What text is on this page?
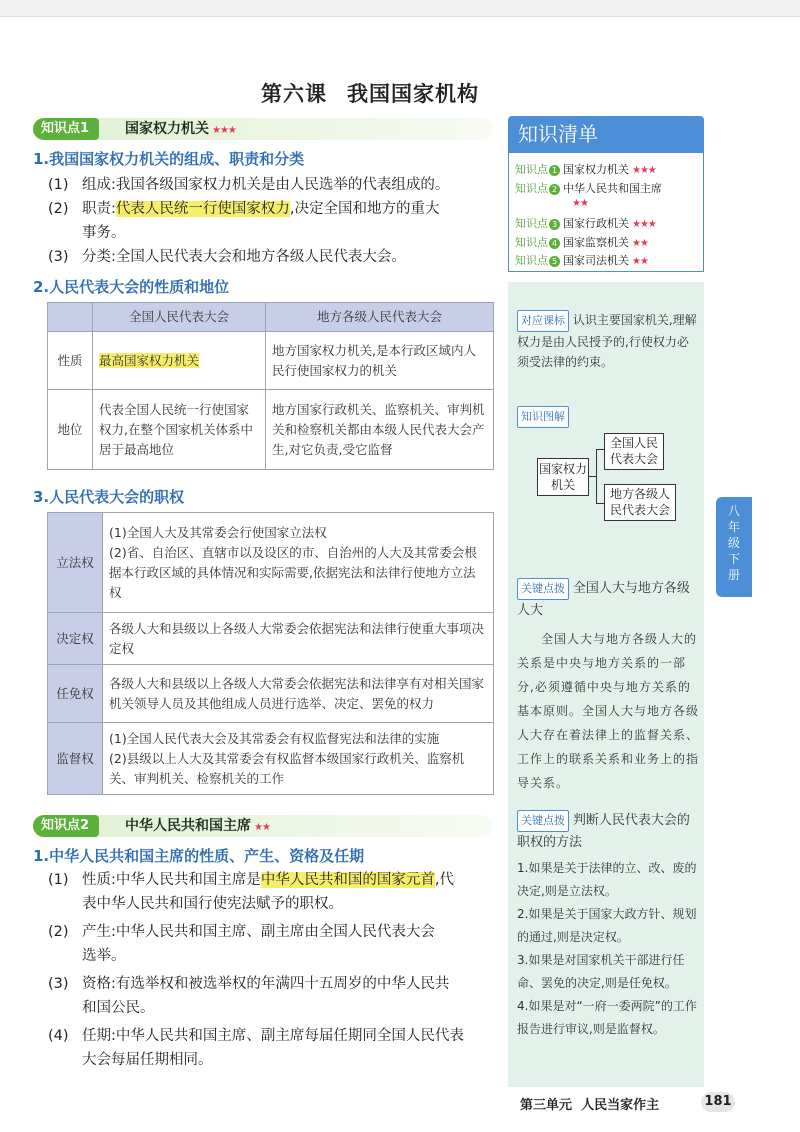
第六课 我国国家机构
知识点1	国家权力机关 ★★★
1.我国国家权力机关的组成、职责和分类
(1) 组成:我国各级国家权力机关是由人民选举的代表组成的。
(2) 职责:代表人民统一行使国家权力,决定全国和地方的重大
事务。
(3) 分类:全国人民代表大会和地方各级人民代表大会。
2.人民代表大会的性质和地位
	全国人民代表大会	地方各级人民代表大会
性质	最高国家权力机关	地方国家权力机关,是本行政区域内人民行使国家权力的机关
地位	代表全国人民统一行使国家权力,在整个国家机关体系中居于最高地位	地方国家行政机关、监察机关、审判机关和检察机关都由本级人民代表大会产生,对它负责,受它监督
3.人民代表大会的职权
立法权	(1)全国人大及其常委会行使国家立法权
(2)省、自治区、直辖市以及设区的市、自治州的人大及其常委会根据本行政区域的具体情况和实际需要,依据宪法和法律行使地方立法权

决定权	各级人大和县级以上各级人大常委会依据宪法和法律行使重大事项决定权
任免权	各级人大和县级以上各级人大常委会依据宪法和法律享有对相关国家机关领导人员及其他组成人员进行选举、决定、罢免的权力
监督权	(1)全国人民代表大会及其常委会有权监督宪法和法律的实施
(2)县级以上人大及其常委会有权监督本级国家行政机关、监察机关、审判机关、检察机关的工作
知识点2	中华人民共和国主席 ★★
1.中华人民共和国主席的性质、产生、资格及任期
(1) 性质:中华人民共和国主席是中华人民共和国的国家元首,代
表中华人民共和国行使宪法赋予的职权。
(2) 产生:中华人民共和国主席、副主席由全国人民代表大会
选举。
(3) 资格:有选举权和被选举权的年满四十五周岁的中华人民共
和国公民。
(4) 任期:中华人民共和国主席、副主席每届任期同全国人民代表
大会每届任期相同。
知识清单
知识点 1 国家权力机关 ★★★
知识点 2 中华人民共和国主席
★★
知识点 3 国家行政机关 ★★★
知识点 4 国家监察机关 ★★
知识点 5 国家司法机关 ★★
对应课标 认识主要国家机关,理解权力是由人民授予的,行使权力必须受法律的约束。
知识图解
国家权力机关
全国人民代表大会
地方各级人民代表大会
关键点拨 全国人大与地方各级人大
全国人大与地方各级人大的关系是中央与地方关系的一部分,必须遵循中央与地方关系的基本原则。全国人大与地方各级人大存在着法律上的监督关系、工作上的联系关系和业务上的指导关系。
关键点拨 判断人民代表大会的职权的方法
1.如果是关于法律的立、改、废的决定,则是立法权。
2.如果是关于国家大政方针、规划的通过,则是决定权。
3.如果是对国家机关干部进行任命、罢免的决定,则是任免权。
4.如果是对“一府一委两院”的工作报告进行审议,则是监督权。
八年级下册
第三单元 人民当家作主	181
